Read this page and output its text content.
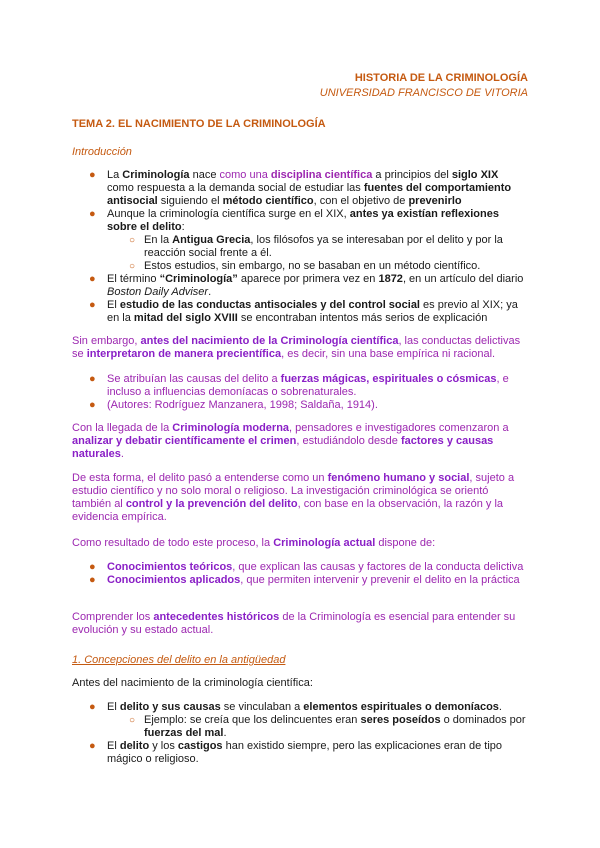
HISTORIA DE LA CRIMINOLOGÍA
UNIVERSIDAD FRANCISCO DE VITORIA
TEMA 2. EL NACIMIENTO DE LA CRIMINOLOGÍA
Introducción
● La Criminología nace como una disciplina científica a principios del siglo XIX como respuesta a la demanda social de estudiar las fuentes del comportamiento antisocial siguiendo el método científico, con el objetivo de prevenirlo
● Aunque la criminología científica surge en el XIX, antes ya existían reflexiones sobre el delito:
○ En la Antigua Grecia, los filósofos ya se interesaban por el delito y por la reacción social frente a él.
○ Estos estudios, sin embargo, no se basaban en un método científico.
● El término “Criminología” aparece por primera vez en 1872, en un artículo del diario Boston Daily Adviser.
● El estudio de las conductas antisociales y del control social es previo al XIX; ya en la mitad del siglo XVIII se encontraban intentos más serios de explicación
Sin embargo, antes del nacimiento de la Criminología científica, las conductas delictivas se interpretaron de manera precientífica, es decir, sin una base empírica ni racional.
● Se atribuían las causas del delito a fuerzas mágicas, espirituales o cósmicas, e incluso a influencias demoníacas o sobrenaturales.
● (Autores: Rodríguez Manzanera, 1998; Saldaña, 1914).
Con la llegada de la Criminología moderna, pensadores e investigadores comenzaron a analizar y debatir científicamente el crimen, estudiándolo desde factores y causas naturales.
De esta forma, el delito pasó a entenderse como un fenómeno humano y social, sujeto a estudio científico y no solo moral o religioso. La investigación criminológica se orientó también al control y la prevención del delito, con base en la observación, la razón y la evidencia empírica.
Como resultado de todo este proceso, la Criminología actual dispone de:
● Conocimientos teóricos, que explican las causas y factores de la conducta delictiva
● Conocimientos aplicados, que permiten intervenir y prevenir el delito en la práctica
Comprender los antecedentes históricos de la Criminología es esencial para entender su evolución y su estado actual.
1. Concepciones del delito en la antigüedad
Antes del nacimiento de la criminología científica:
● El delito y sus causas se vinculaban a elementos espirituales o demoníacos.
○ Ejemplo: se creía que los delincuentes eran seres poseídos o dominados por fuerzas del mal.
● El delito y los castigos han existido siempre, pero las explicaciones eran de tipo mágico o religioso.
